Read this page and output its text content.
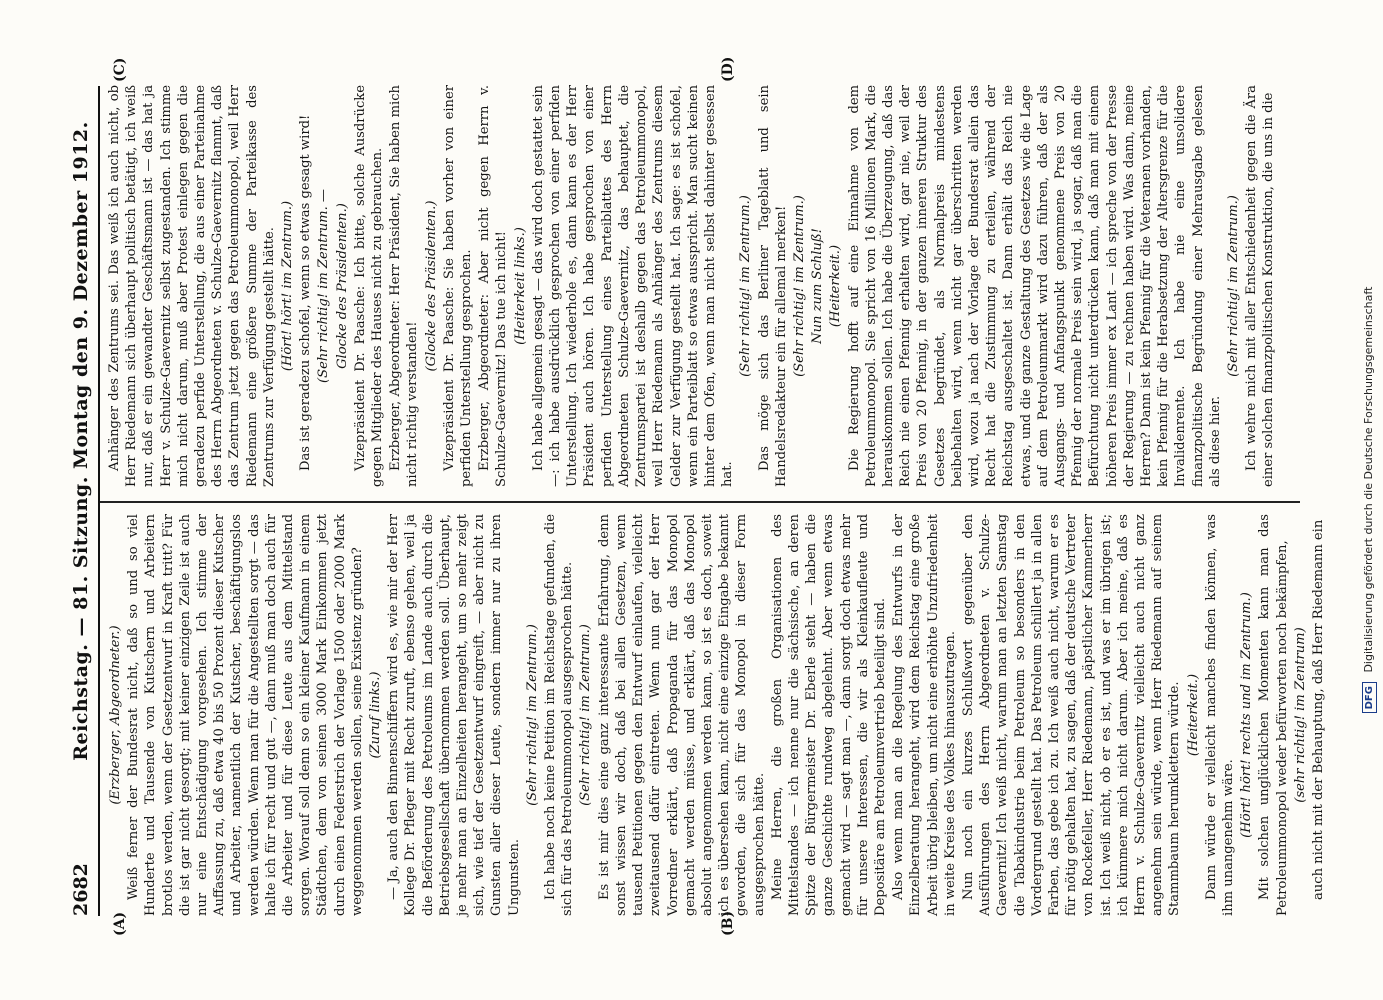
2682
Reichstag. — 81. Sitzung. Montag den 9. Dezember 1912.
(A)	(B)
(C)	(D)

(Erzberger, Abgeordneter.) Weiß ferner der Bundesrat nicht, daß so und so viel Hunderte und Tausende von Kutschern und Arbeitern brotlos werden, wenn der Gesetzentwurf in Kraft tritt? Für die ist gar nicht gesorgt; mit keiner einzigen Zeile ist auch nur eine Entschädigung vorgesehen. Ich stimme der Auffassung zu, daß etwa 40 bis 50 Prozent dieser Kutscher und Arbeiter, namentlich der Kutscher, beschäftigungslos werden würden. Wenn man für die Angestellten sorgt — das halte ich für recht und gut —, dann muß man doch auch für die Arbeiter und für diese Leute aus dem Mittelstand sorgen. Worauf soll denn so ein kleiner Kaufmann in einem Städtchen, dem von seinen 3000 Mark Einkommen jetzt durch einen Federstrich der Vorlage 1500 oder 2000 Mark weggenommen werden sollen, seine Existenz gründen? (Zuruf links.) — Ja, auch den Binnenschiffern wird es, wie mir der Herr Kollege Dr. Pfleger mit Recht zuruft, ebenso gehen, weil ja die Beförderung des Petroleums im Lande auch durch die Betriebsgesellschaft übernommen werden soll. Überhaupt, je mehr man an Einzelheiten herangeht, um so mehr zeigt sich, wie tief der Gesetzentwurf eingreift, — aber nicht zu Gunsten aller dieser Leute, sondern immer nur zu ihren Ungunsten.

(Sehr richtig! im Zentrum.) Ich habe noch keine Petition im Reichstage gefunden, die sich für das Petroleummonopol ausgesprochen hätte. (Sehr richtig! im Zentrum.) Es ist mir dies eine ganz interessante Erfahrung, denn sonst wissen wir doch, daß bei allen Gesetzen, wenn tausend Petitionen gegen den Entwurf einlaufen, vielleicht zweitausend dafür eintreten. Wenn nun gar der Herr Vorredner erklärt, daß Propaganda für das Monopol gemacht werden müsse, und erklärt, daß das Monopol absolut angenommen werden kann, so ist es doch, soweit ich es übersehen kann, nicht eine einzige Eingabe bekannt geworden, die sich für das Monopol in dieser Form ausgesprochen hätte. Meine Herren, die großen Organisationen des Mittelstandes — ich nenne nur die sächsische, an deren Spitze der Bürgermeister Dr. Eberle steht — haben die ganze Geschichte rundweg abgelehnt. Aber wenn etwas gemacht wird — sagt man —, dann sorgt doch etwas mehr für unsere Interessen, die wir als Kleinkaufleute und Depositäre am Petroleumvertrieb beteiligt sind. Also wenn man an die Regelung des Entwurfs in der Einzelberatung herangeht, wird dem Reichstag eine große Arbeit übrig bleiben, um nicht eine erhöhte Unzufriedenheit in weite Kreise des Volkes hinauszutragen. Nun noch ein kurzes Schlußwort gegenüber den Ausführungen des Herrn Abgeordneten v. Schulze-Gaevernitz! Ich weiß nicht, warum man an letzten Samstag die Tabakindustrie beim Petroleum so besonders in den Vordergrund gestellt hat. Das Petroleum schillert ja in allen Farben, das gebe ich zu. Ich weiß auch nicht, warum er es für nötig gehalten hat, zu sagen, daß der deutsche Vertreter von Rockefeller, Herr Riedemann, päpstlicher Kammerherr ist. Ich weiß nicht, ob er es ist, und was er im übrigen ist; ich kümmere mich nicht darum. Aber ich meine, daß es Herrn v. Schulze-Gaevernitz vielleicht auch nicht ganz angenehm sein würde, wenn Herr Riedemann auf seinem Stammbaum herumklettern würde. (Heiterkeit.) Dann würde er vielleicht manches finden können, was ihm unangenehm wäre. (Hört! hört! rechts und im Zentrum.) Mit solchen unglücklichen Momenten kann man das Petroleummonopol weder befürworten noch bekämpfen, (sehr richtig! im Zentrum) auch nicht mit der Behauptung, daß Herr Riedemann ein

Anhänger des Zentrums sei. Das weiß ich auch nicht, ob Herr Riedemann sich überhaupt politisch betätigt, ich weiß nur, daß er ein gewandter Geschäftsmann ist — das hat ja Herr v. Schulze-Gaevernitz selbst zugestanden. Ich stimme mich nicht darum, muß aber Protest einlegen gegen die geradezu perfide Unterstellung, die aus einer Parteinahme des Herrn Abgeordneten v. Schulze-Gaevernitz flammt, daß das Zentrum jetzt gegen das Petroleummonopol, weil Herr Riedemann eine größere Summe der Parteikasse des Zentrums zur Verfügung gestellt hätte. (Hört! hört! im Zentrum.) Das ist geradezu schofel, wenn so etwas gesagt wird! (Sehr richtig! im Zentrum. — Glocke des Präsidenten.) Vizepräsident Dr. Paasche: Ich bitte, solche Ausdrücke gegen Mitglieder des Hauses nicht zu gebrauchen. Erzberger, Abgeordneter: Herr Präsident, Sie haben mich nicht richtig verstanden!

(Glocke des Präsidenten.) Vizepräsident Dr. Paasche: Sie haben vorher von einer perfiden Unterstellung gesprochen. Erzberger, Abgeordneter: Aber nicht gegen Herrn v. Schulze-Gaevernitz! Das tue ich nicht! (Heiterkeit links.) Ich habe allgemein gesagt — das wird doch gestattet sein —: ich habe ausdrücklich gesprochen von einer perfiden Unterstellung. Ich wiederhole es, dann kann es der Herr Präsident auch hören. Ich habe gesprochen von einer perfiden Unterstellung eines Parteiblattes des Herrn Abgeordneten Schulze-Gaevernitz, das behauptet, die Zentrumspartei ist deshalb gegen das Petroleummonopol, weil Herr Riedemann als Anhänger des Zentrums diesem Gelder zur Verfügung gestellt hat. Ich sage: es ist schofel, wenn ein Parteiblatt so etwas ausspricht. Man sucht keinen hinter dem Ofen, wenn man nicht selbst dahinter gesessen hat.

(Sehr richtig! im Zentrum.) Das möge sich das Berliner Tageblatt und sein Handelsredakteur ein für allemal merken! (Sehr richtig! im Zentrum.) Nun zum Schluß! (Heiterkeit.) Die Regierung hofft auf eine Einnahme von dem Petroleummonopol. Sie spricht von 16 Millionen Mark, die herauskommen sollen. Ich habe die Überzeugung, daß das Reich nie einen Pfennig erhalten wird, gar nie, weil der Preis von 20 Pfennig, in der ganzen inneren Struktur des Gesetzes begründet, als Normalpreis mindestens beibehalten wird, wenn nicht gar überschritten werden wird, wozu ja nach der Vorlage der Bundesrat allein das Recht hat die Zustimmung zu erteilen, während der Reichstag ausgeschaltet ist. Dann erhält das Reich nie etwas, und die ganze Gestaltung des Gesetzes wie die Lage auf dem Petroleummarkt wird dazu führen, daß der als Ausgangs- und Anfangspunkt genommene Preis von 20 Pfennig der normale Preis sein wird, ja sogar, daß man die Befürchtung nicht unterdrücken kann, daß man mit einem höheren Preis immer ex Lant — ich spreche von der Presse der Regierung — zu rechnen haben wird. Was dann, meine Herren? Dann ist kein Pfennig für die Veteranen vorhanden, kein Pfennig für die Herabsetzung der Altersgrenze für die Invalidenrente. Ich habe nie eine unsolidere finanzpolitische Begründung einer Mehrausgabe gelesen als diese hier.

(Sehr richtig! im Zentrum.) Ich wehre mich mit aller Entschiedenheit gegen die Ära einer solchen finanzpolitischen Konstruktion, die uns in die

DFG Digitalisierung gefördert durch die Deutsche Forschungsgemeinschaft
